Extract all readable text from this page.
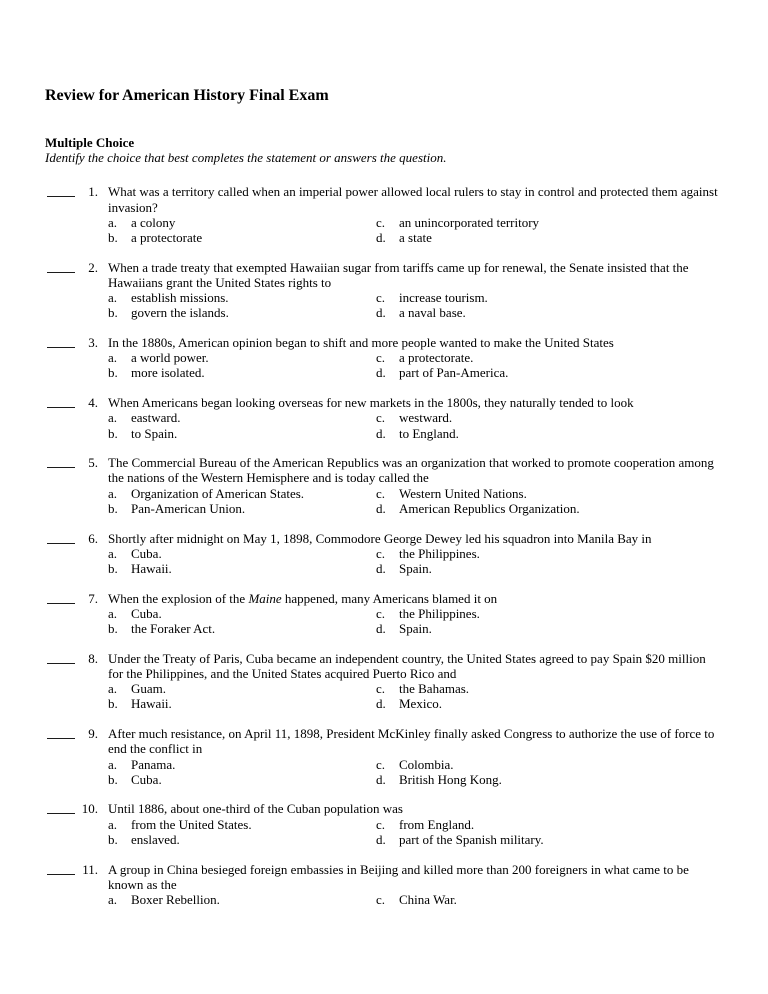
Review for American History Final Exam
Multiple Choice
Identify the choice that best completes the statement or answers the question.
1. What was a territory called when an imperial power allowed local rulers to stay in control and protected them against invasion?
a.	a colony	c.	an unincorporated territory
b.	a protectorate	d.	a state
2. When a trade treaty that exempted Hawaiian sugar from tariffs came up for renewal, the Senate insisted that the Hawaiians grant the United States rights to
a.	establish missions.	c.	increase tourism.
b.	govern the islands.	d.	a naval base.
3. In the 1880s, American opinion began to shift and more people wanted to make the United States
a.	a world power.	c.	a protectorate.
b.	more isolated.	d.	part of Pan-America.
4. When Americans began looking overseas for new markets in the 1800s, they naturally tended to look
a.	eastward.	c.	westward.
b.	to Spain.	d.	to England.
5. The Commercial Bureau of the American Republics was an organization that worked to promote cooperation among the nations of the Western Hemisphere and is today called the
a.	Organization of American States.	c.	Western United Nations.
b.	Pan-American Union.	d.	American Republics Organization.
6. Shortly after midnight on May 1, 1898, Commodore George Dewey led his squadron into Manila Bay in
a.	Cuba.	c.	the Philippines.
b.	Hawaii.	d.	Spain.
7. When the explosion of the Maine happened, many Americans blamed it on
a.	Cuba.	c.	the Philippines.
b.	the Foraker Act.	d.	Spain.
8. Under the Treaty of Paris, Cuba became an independent country, the United States agreed to pay Spain $20 million for the Philippines, and the United States acquired Puerto Rico and
a.	Guam.	c.	the Bahamas.
b.	Hawaii.	d.	Mexico.
9. After much resistance, on April 11, 1898, President McKinley finally asked Congress to authorize the use of force to end the conflict in
a.	Panama.	c.	Colombia.
b.	Cuba.	d.	British Hong Kong.
10. Until 1886, about one-third of the Cuban population was
a.	from the United States.	c.	from England.
b.	enslaved.	d.	part of the Spanish military.
11. A group in China besieged foreign embassies in Beijing and killed more than 200 foreigners in what came to be known as the
a.	Boxer Rebellion.	c.	China War.
